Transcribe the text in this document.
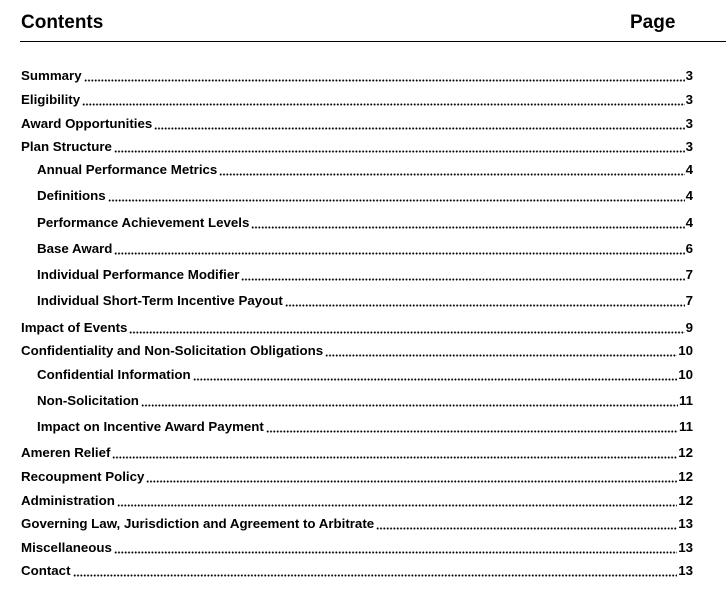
Contents	Page
Summary	3
Eligibility	3
Award Opportunities	3
Plan Structure	3
Annual Performance Metrics	4
Definitions	4
Performance Achievement Levels	4
Base Award	6
Individual Performance Modifier	7
Individual Short-Term Incentive Payout	7
Impact of Events	9
Confidentiality and Non-Solicitation Obligations	10
Confidential Information	10
Non-Solicitation	11
Impact on Incentive Award Payment	11
Ameren Relief	12
Recoupment Policy	12
Administration	12
Governing Law, Jurisdiction and Agreement to Arbitrate	13
Miscellaneous	13
Contact	13
